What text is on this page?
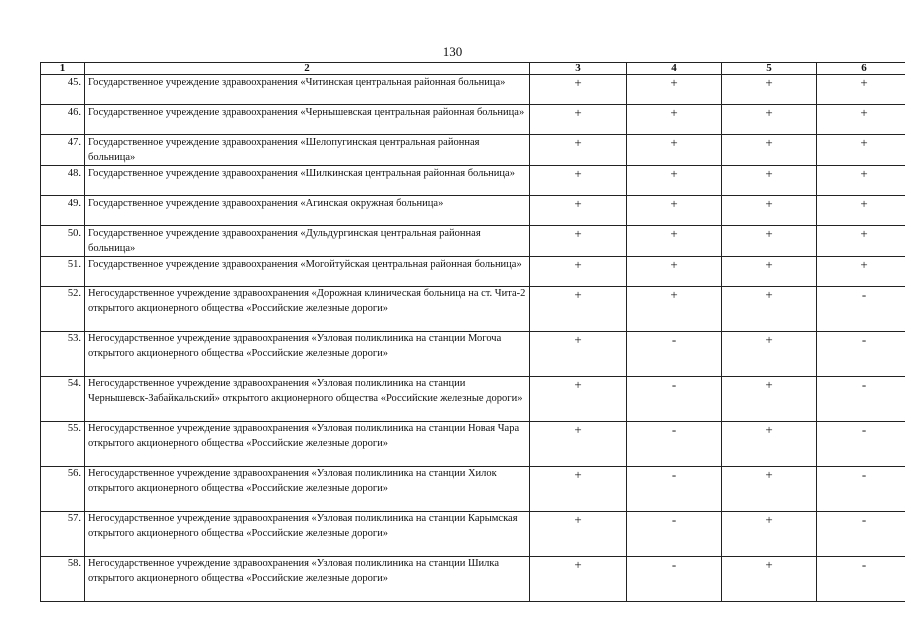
130
1	2	3	4	5	6
45.	Государственное учреждение здравоохранения «Читинская центральная районная больница»	+	+	+	+
46.	Государственное учреждение здравоохранения «Чернышевская центральная районная больница»	+	+	+	+
47.	Государственное учреждение здравоохранения «Шелопугинская центральная районная больница»	+	+	+	+
48.	Государственное учреждение здравоохранения «Шилкинская центральная районная больница»	+	+	+	+
49.	Государственное учреждение здравоохранения «Агинская окружная больница»	+	+	+	+
50.	Государственное учреждение здравоохранения «Дульдургинская центральная районная больница»	+	+	+	+
51.	Государственное учреждение здравоохранения «Могойтуйская центральная районная больница»	+	+	+	+
52.	Негосударственное учреждение здравоохранения «Дорожная клиническая больница на ст. Чита-2 открытого акционерного общества «Российские железные дороги»	+	+	+	-
53.	Негосударственное учреждение здравоохранения «Узловая поликлиника на станции Могоча открытого акционерного общества «Российские железные дороги»	+	-	+	-
54.	Негосударственное учреждение здравоохранения «Узловая поликлиника на станции Чернышевск-Забайкальский» открытого акционерного общества «Российские железные дороги»	+	-	+	-
55.	Негосударственное учреждение здравоохранения «Узловая поликлиника на станции Новая Чара открытого акционерного общества «Российские железные дороги»	+	-	+	-
56.	Негосударственное учреждение здравоохранения «Узловая поликлиника на станции Хилок открытого акционерного общества «Российские железные дороги»	+	-	+	-
57.	Негосударственное учреждение здравоохранения «Узловая поликлиника на станции Карымская открытого акционерного общества «Российские железные дороги»	+	-	+	-
58.	Негосударственное учреждение здравоохранения «Узловая поликлиника на станции Шилка открытого акционерного общества «Российские железные дороги»	+	-	+	-
